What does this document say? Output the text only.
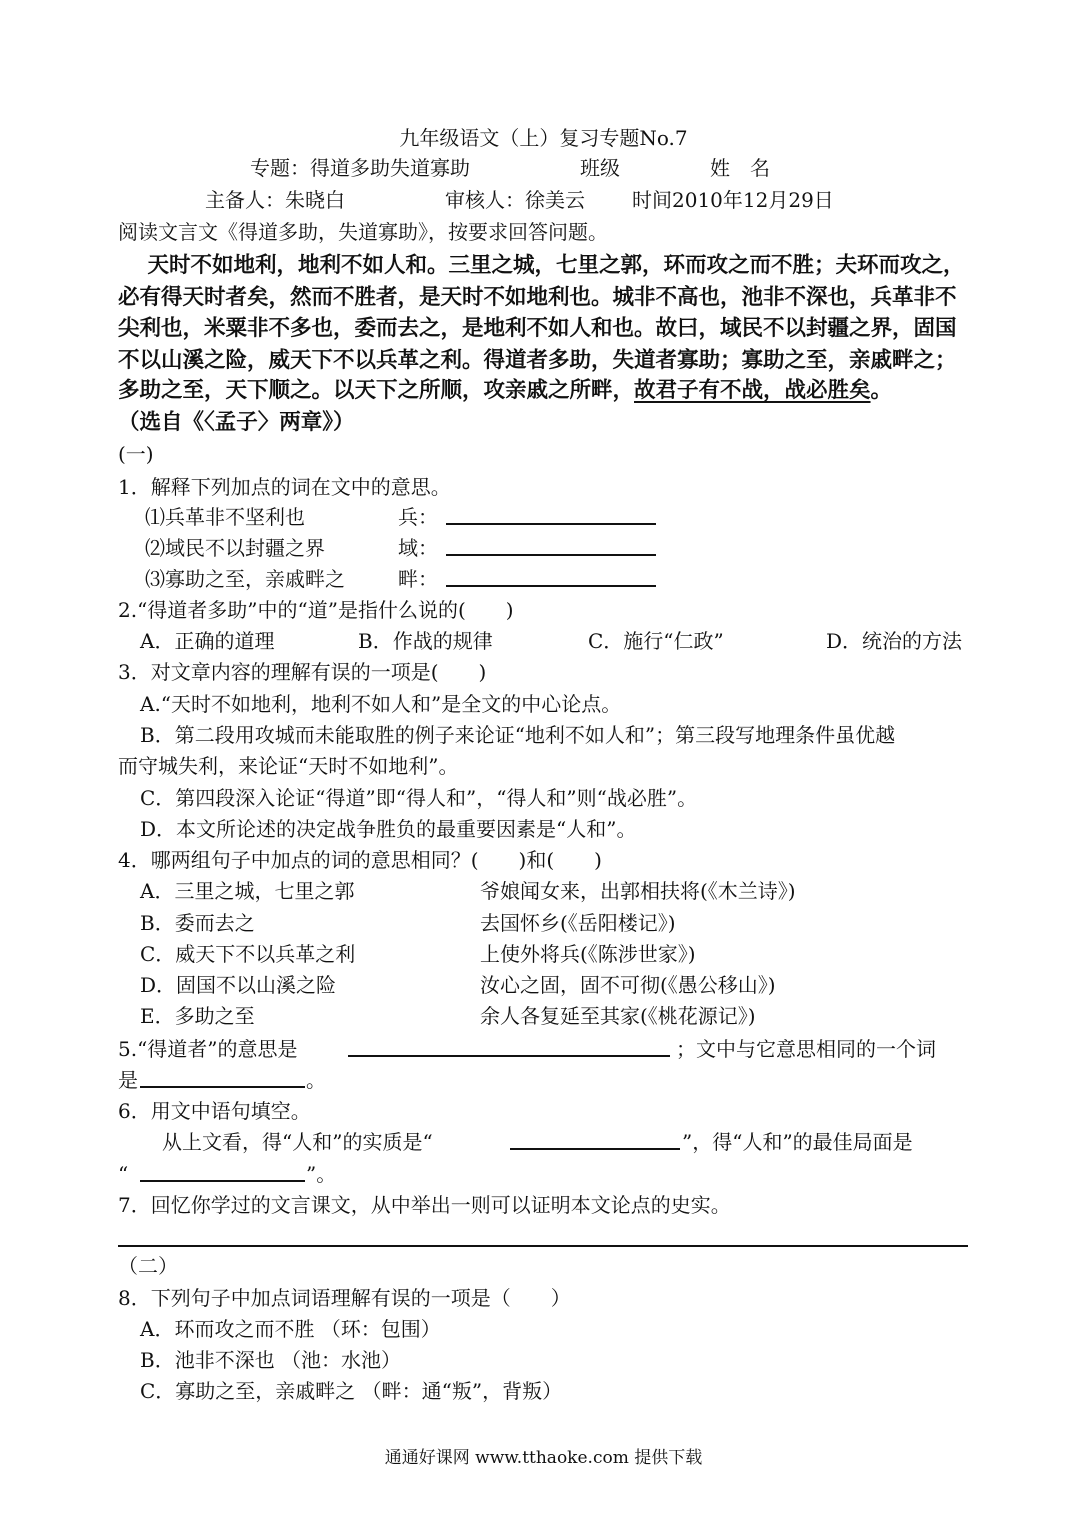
九年级语文（上）复习专题No.7
专题：得道多助失道寡助	班级	姓　名
主备人：朱晓白	审核人：徐美云 时间2010年12月29日
阅读文言文《得道多助，失道寡助》，按要求回答问题。
　天时不如地利，地利不如人和。三里之城，七里之郭，环而攻之而不胜；夫环而攻之，
必有得天时者矣，然而不胜者，是天时不如地利也。城非不高也，池非不深也，兵革非不
尖利也，米粟非不多也，委而去之，是地利不如人和也。故曰，域民不以封疆之界，固国
不以山溪之险，威天下不以兵革之利。得道者多助，失道者寡助；寡助之至，亲戚畔之；
多助之至，天下顺之。以天下之所顺，攻亲戚之所畔，故君子有不战，战必胜矣。
（选自《〈孟子〉两章》）
(一)
1．解释下列加点的词在文中的意思。
⑴兵革非不坚利也	兵：
⑵域民不以封疆之界	域：
⑶寡助之至，亲戚畔之	畔：
2.“得道者多助”中的“道”是指什么说的(　　)
A．正确的道理	B．作战的规律	C．施行“仁政”	D．统治的方法
3．对文章内容的理解有误的一项是(　　)
A.“天时不如地利，地利不如人和”是全文的中心论点。
B．第二段用攻城而未能取胜的例子来论证“地利不如人和”；第三段写地理条件虽优越
而守城失利，来论证“天时不如地利”。
C．第四段深入论证“得道”即“得人和”，“得人和”则“战必胜”。
D．本文所论述的决定战争胜负的最重要因素是“人和”。
4．哪两组句子中加点的词的意思相同？(　　)和(　　)
A．三里之城，七里之郭	爷娘闻女来，出郭相扶将(《木兰诗》)
B．委而去之	去国怀乡(《岳阳楼记》)
C．威天下不以兵革之利	上使外将兵(《陈涉世家》)
D．固国不以山溪之险	汝心之固，固不可彻(《愚公移山》)
E．多助之至	余人各复延至其家(《桃花源记》)
5.“得道者”的意思是	；文中与它意思相同的一个词
是	。
6．用文中语句填空。
从上文看，得“人和”的实质是“	”，得“人和”的最佳局面是
“	”。
7．回忆你学过的文言课文，从中举出一则可以证明本文论点的史实。
（二）
8．下列句子中加点词语理解有误的一项是（　　）
A．环而攻之而不胜 （环：包围）
B．池非不深也 （池：水池）
C．寡助之至，亲戚畔之 （畔：通“叛”，背叛）
通通好课网 www.tthaoke.com 提供下载
